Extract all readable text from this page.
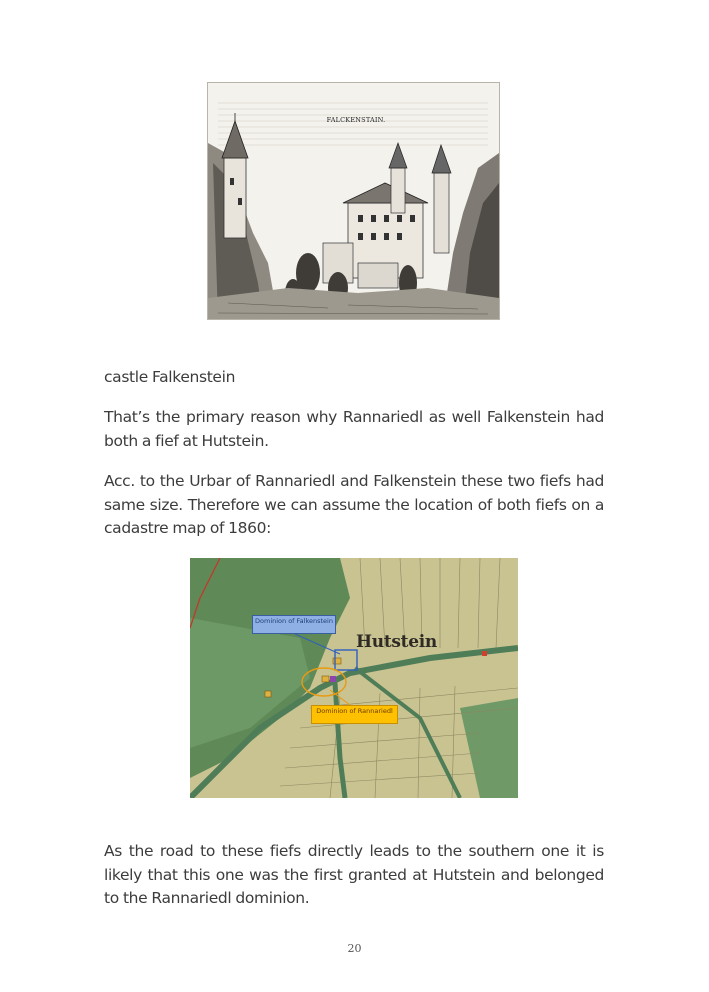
FALCKENSTAIN.

castle Falkenstein

That’s the primary reason why Rannariedl as well Falkenstein had both a fief at Hutstein.

Acc. to the Urbar of Rannariedl and Falkenstein these two fiefs had same size. Therefore we can assume the location of both fiefs on a cadastre map of 1860:

Hutstein
Dominion of Falkenstein
Dominion of Rannariedl

As the road to these fiefs directly leads to the southern one it is likely that this one was the first granted at Hutstein and belonged to the Rannariedl dominion.

20
